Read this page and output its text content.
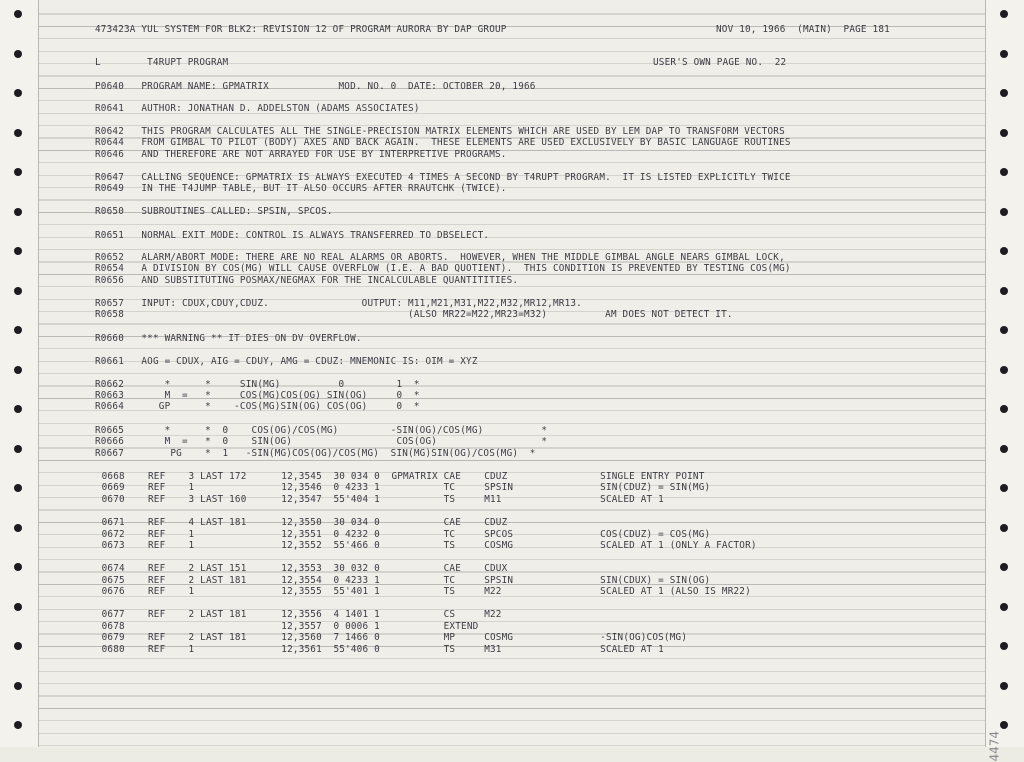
473423A YUL SYSTEM FOR BLK2: REVISION 12 OF PROGRAM AURORA BY DAP GROUP	NOV 10, 1966  (MAIN)  PAGE 181
L        T4RUPT PROGRAM	USER'S OWN PAGE NO.  22
P0640   PROGRAM NAME: GPMATRIX            MOD. NO. 0  DATE: OCTOBER 20, 1966
R0641   AUTHOR: JONATHAN D. ADDELSTON (ADAMS ASSOCIATES)
R0642   THIS PROGRAM CALCULATES ALL THE SINGLE-PRECISION MATRIX ELEMENTS WHICH ARE USED BY LEM DAP TO TRANSFORM VECTORS
R0644   FROM GIMBAL TO PILOT (BODY) AXES AND BACK AGAIN.  THESE ELEMENTS ARE USED EXCLUSIVELY BY BASIC LANGUAGE ROUTINES
R0646   AND THEREFORE ARE NOT ARRAYED FOR USE BY INTERPRETIVE PROGRAMS.
R0647   CALLING SEQUENCE: GPMATRIX IS ALWAYS EXECUTED 4 TIMES A SECOND BY T4RUPT PROGRAM.  IT IS LISTED EXPLICITLY TWICE
R0649   IN THE T4JUMP TABLE, BUT IT ALSO OCCURS AFTER RRAUTCHK (TWICE).
R0650   SUBROUTINES CALLED: SPSIN, SPCOS.
R0651   NORMAL EXIT MODE: CONTROL IS ALWAYS TRANSFERRED TO DBSELECT.
R0652   ALARM/ABORT MODE: THERE ARE NO REAL ALARMS OR ABORTS.  HOWEVER, WHEN THE MIDDLE GIMBAL ANGLE NEARS GIMBAL LOCK,
R0654   A DIVISION BY COS(MG) WILL CAUSE OVERFLOW (I.E. A BAD QUOTIENT).  THIS CONDITION IS PREVENTED BY TESTING COS(MG)
R0656   AND SUBSTITUTING POSMAX/NEGMAX FOR THE INCALCULABLE QUANTITITIES.
R0657   INPUT: CDUX,CDUY,CDUZ.                OUTPUT: M11,M21,M31,M22,M32,MR12,MR13.
R0658                                                 (ALSO MR22=M22,MR23=M32)          AM DOES NOT DETECT IT.
R0660   *** WARNING ** IT DIES ON DV OVERFLOW.
R0661   AOG = CDUX, AIG = CDUY, AMG = CDUZ: MNEMONIC IS: OIM = XYZ
R0662       *      *     SIN(MG)          0         1  *
R0663       M  =   *     COS(MG)COS(OG) SIN(OG)     0  *
R0664      GP      *    -COS(MG)SIN(OG) COS(OG)     0  *
R0665       *      *  0    COS(OG)/COS(MG)         -SIN(OG)/COS(MG)          *
R0666       M  =   *  0    SIN(OG)                  COS(OG)                  *
R0667        PG    *  1   -SIN(MG)COS(OG)/COS(MG)  SIN(MG)SIN(OG)/COS(MG)  *
0668    REF    3 LAST 172      12,3545  30 034 0  GPMATRIX CAE    CDUZ                SINGLE ENTRY POINT
0669    REF    1               12,3546  0 4233 1           TC     SPSIN               SIN(CDUZ) = SIN(MG)
0670    REF    3 LAST 160      12,3547  55'404 1           TS     M11                 SCALED AT 1
0671    REF    4 LAST 181      12,3550  30 034 0           CAE    CDUZ
0672    REF    1               12,3551  0 4232 0           TC     SPCOS               COS(CDUZ) = COS(MG)
0673    REF    1               12,3552  55'466 0           TS     COSMG               SCALED AT 1 (ONLY A FACTOR)
0674    REF    2 LAST 151      12,3553  30 032 0           CAE    CDUX
0675    REF    2 LAST 181      12,3554  0 4233 1           TC     SPSIN               SIN(CDUX) = SIN(OG)
0676    REF    1               12,3555  55'401 1           TS     M22                 SCALED AT 1 (ALSO IS MR22)
0677    REF    2 LAST 181      12,3556  4 1401 1           CS     M22
0678                           12,3557  0 0006 1           EXTEND
0679    REF    2 LAST 181      12,3560  7 1466 0           MP     COSMG               -SIN(OG)COS(MG)
0680    REF    1               12,3561  55'406 0           TS     M31                 SCALED AT 1
4474
